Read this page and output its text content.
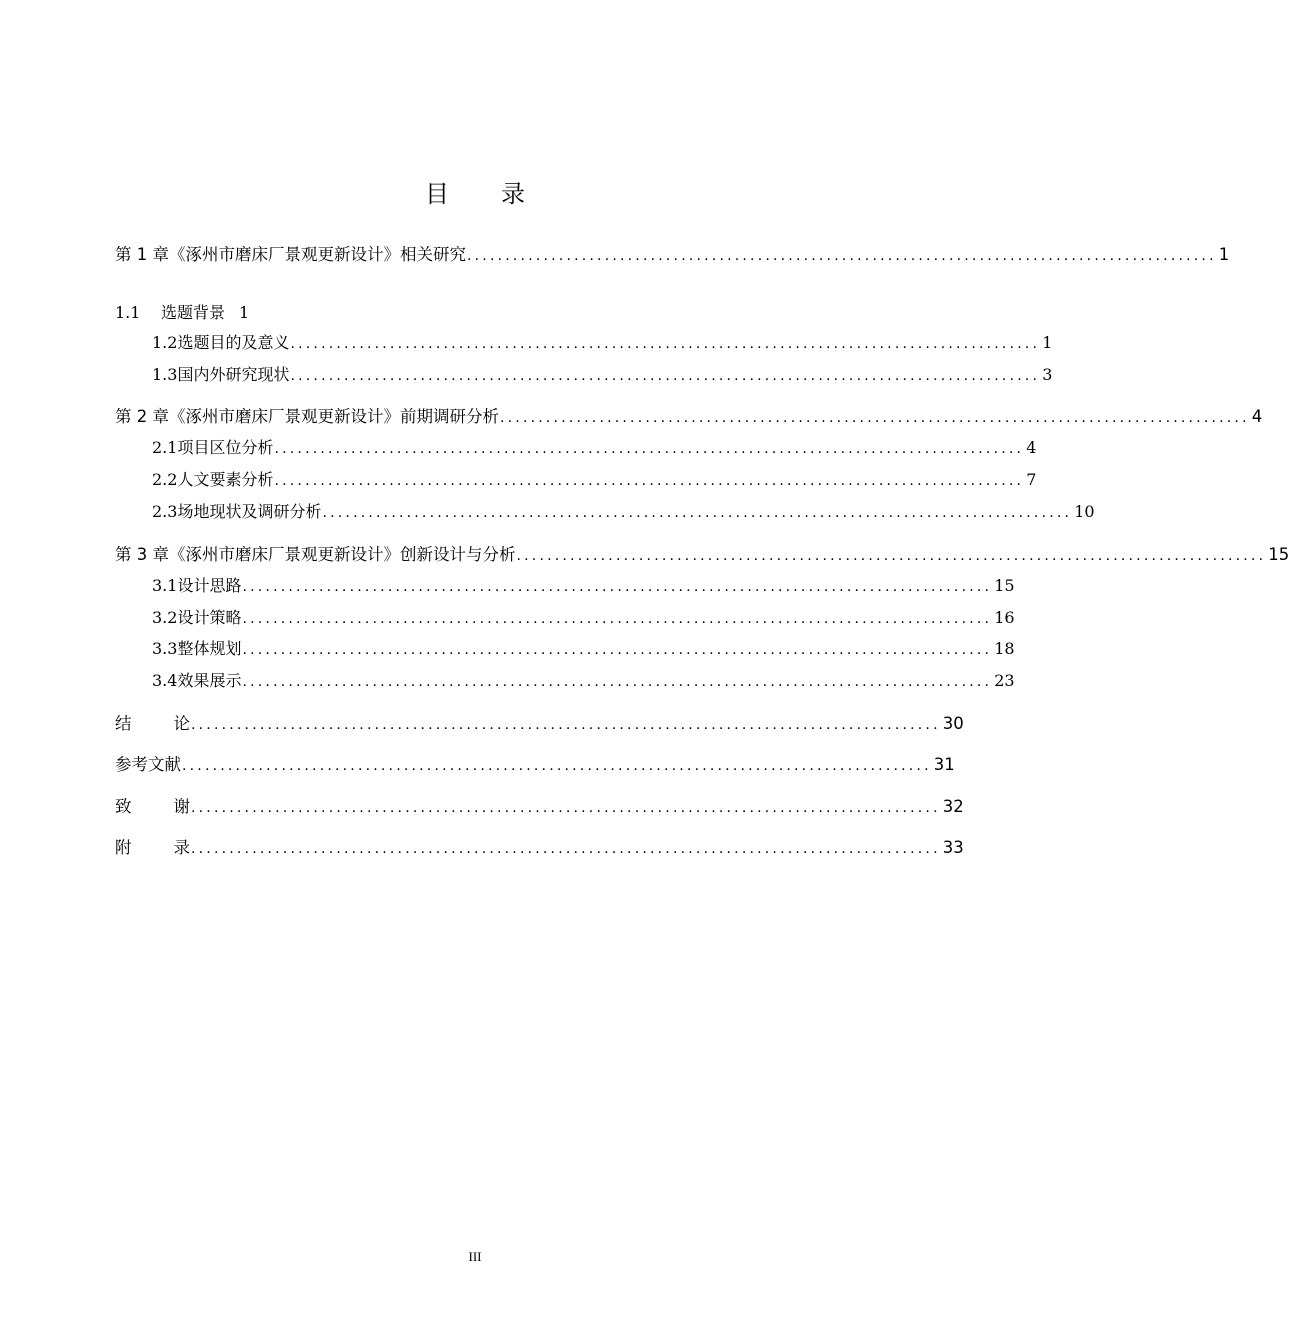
目 录
第 1 章 《涿州市磨床厂景观更新设计》相关研究 .................................................................................................. 1
1.1	选题背景 1
1.2 选题目的及意义 .................................................................................................. 1
1.3 国内外研究现状 .................................................................................................. 3
第 2 章 《涿州市磨床厂景观更新设计》前期调研分析 .................................................................................................. 4
2.1 项目区位分析 .................................................................................................. 4
2.2 人文要素分析 .................................................................................................. 7
2.3 场地现状及调研分析 .................................................................................................. 10
第 3 章 《涿州市磨床厂景观更新设计》创新设计与分析 .................................................................................................. 15
3.1 设计思路 .................................................................................................. 15
3.2 设计策略 .................................................................................................. 16
3.3 整体规划 .................................................................................................. 18
3.4 效果展示 .................................................................................................. 23
结	论 .................................................................................................. 30
参考文献 .................................................................................................. 31
致	谢 .................................................................................................. 32
附	录 .................................................................................................. 33
III
